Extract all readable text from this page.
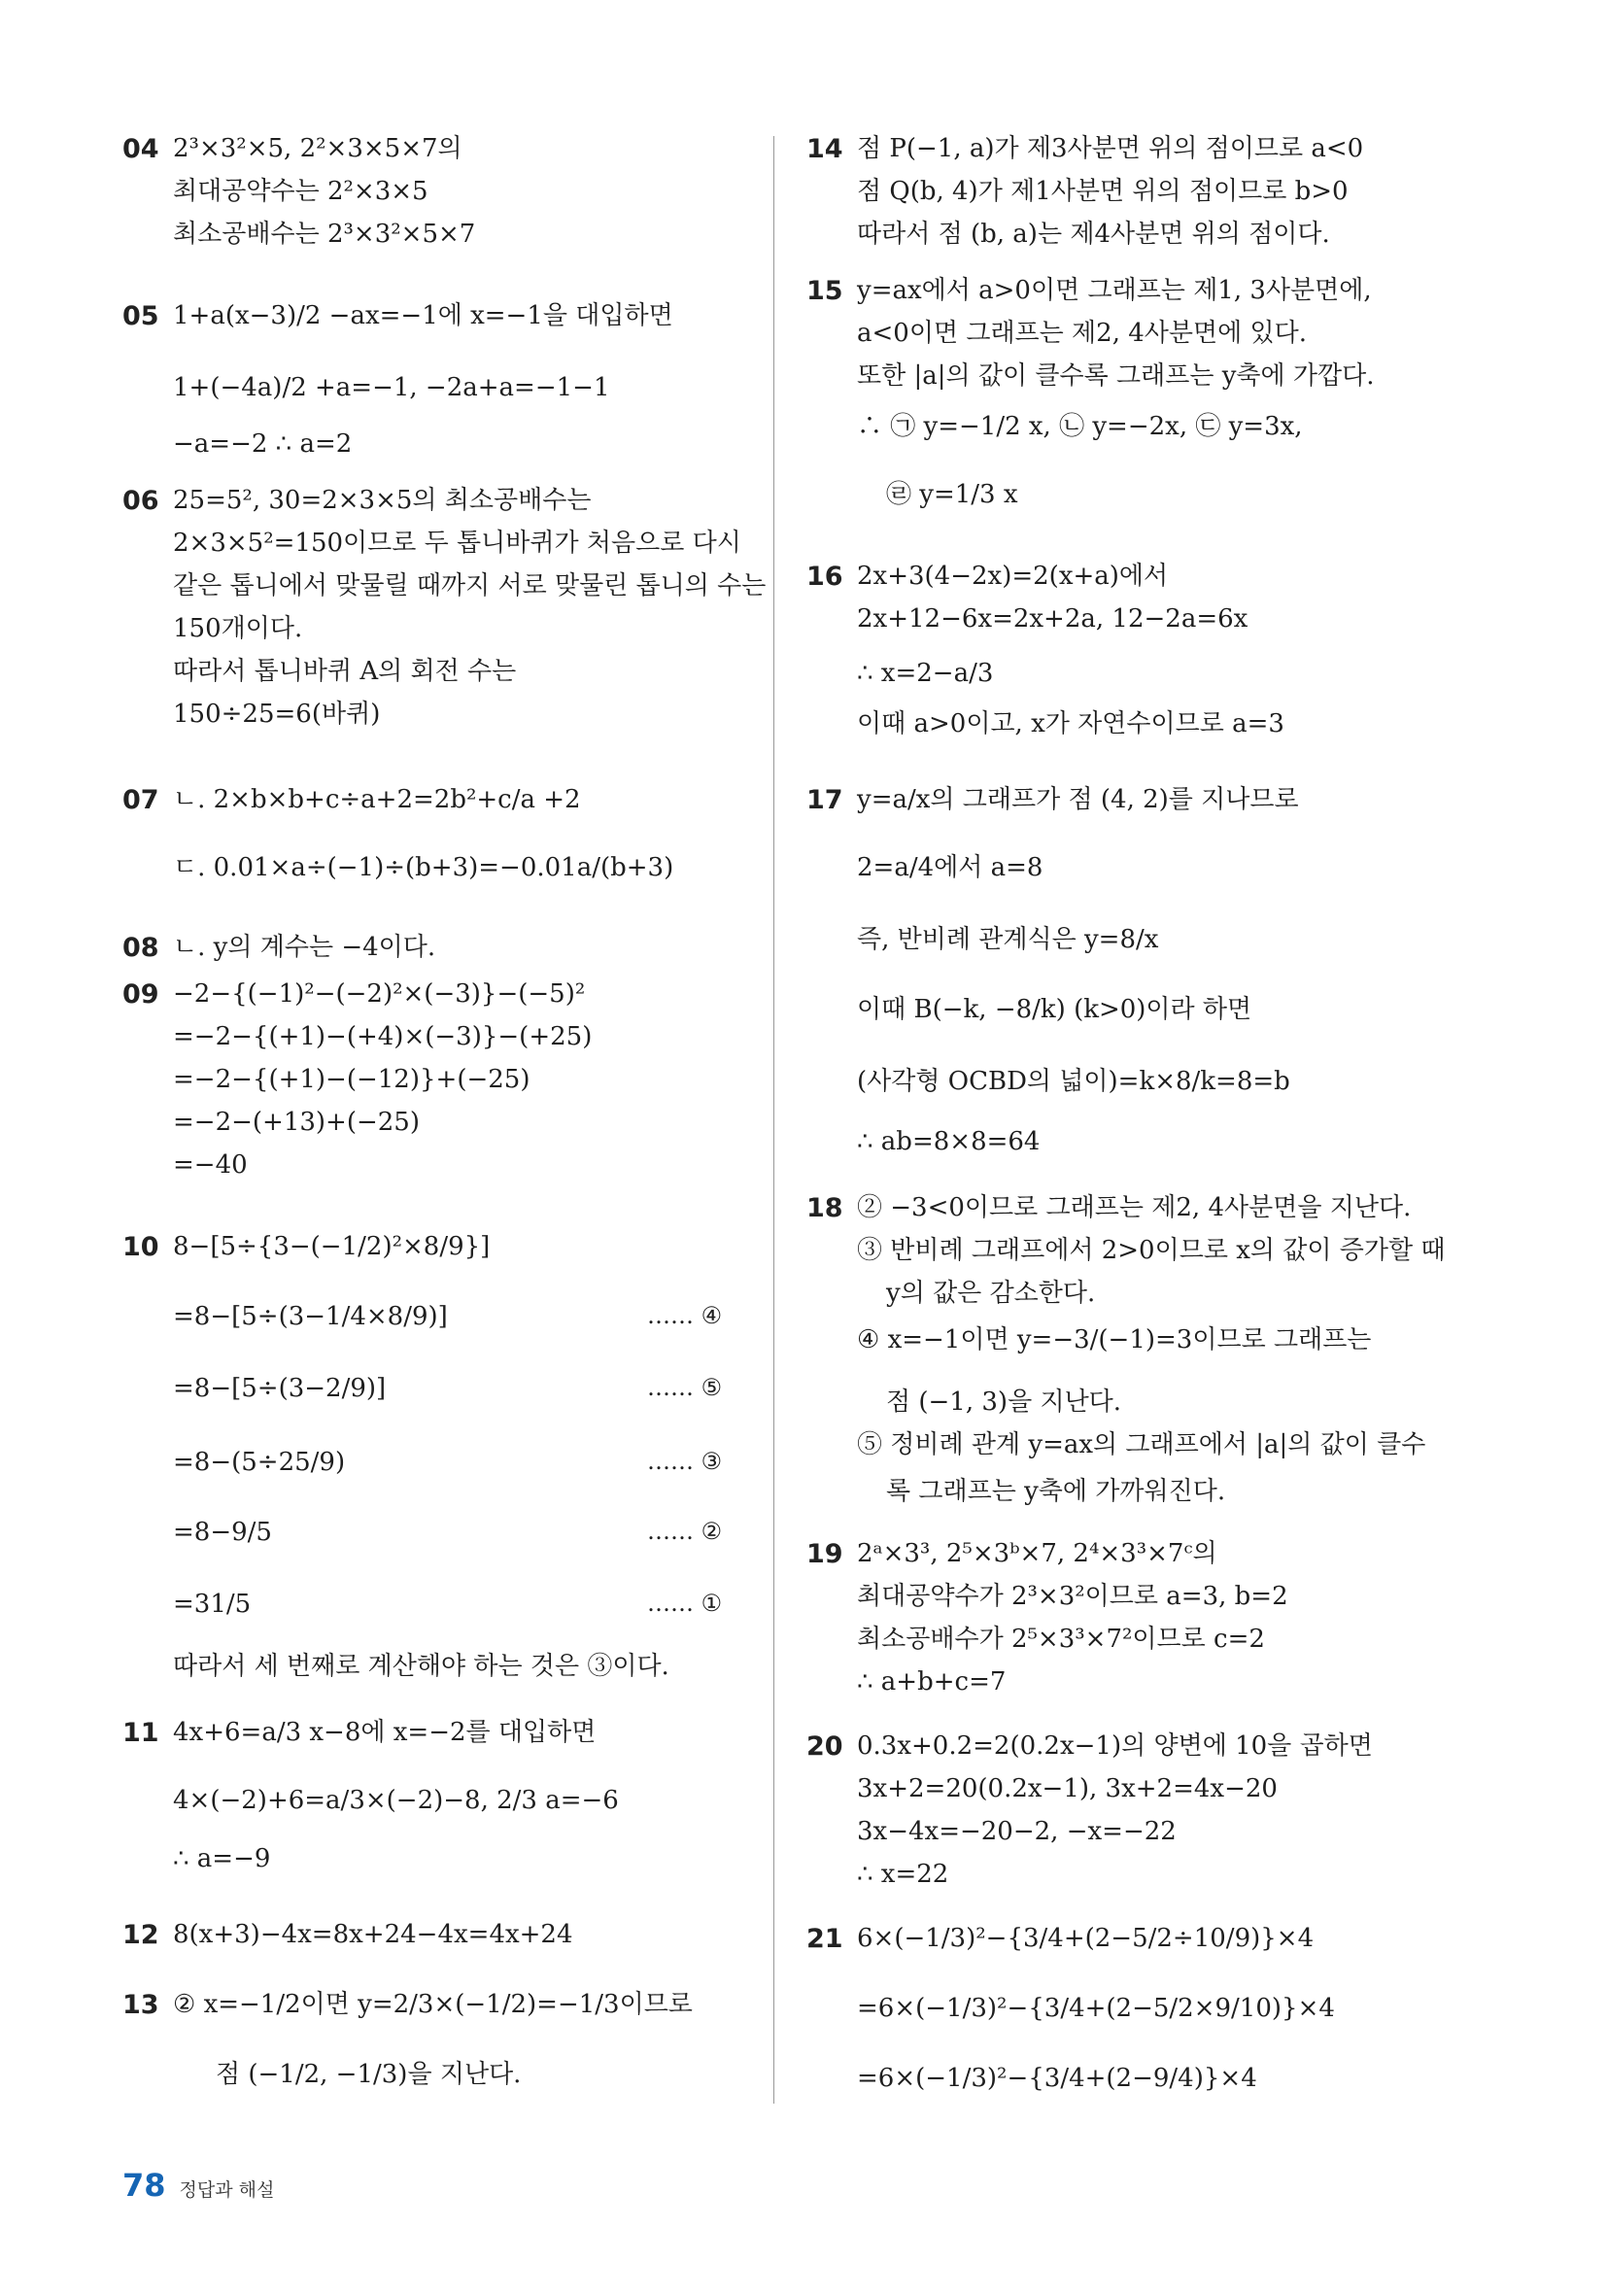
04 2³×3²×5, 2²×3×5×7의
최대공약수는 2²×3×5
최소공배수는 2³×3²×5×7
05 1+a(x−3)/2 −ax=−1에 x=−1을 대입하면
1+(−4a)/2 +a=−1, −2a+a=−1−1
−a=−2 ∴ a=2
06 25=5², 30=2×3×5의 최소공배수는
2×3×5²=150이므로 두 톱니바퀴가 처음으로 다시
같은 톱니에서 맞물릴 때까지 서로 맞물린 톱니의 수는
150개이다.
따라서 톱니바퀴 A의 회전 수는
150÷25=6(바퀴)
07 ㄴ. 2×b×b+c÷a+2=2b²+c/a +2
ㄷ. 0.01×a÷(−1)÷(b+3)=−0.01a/(b+3)
08 ㄴ. y의 계수는 −4이다.
09 −2−{(−1)²−(−2)²×(−3)}−(−5)²
=−2−{(+1)−(+4)×(−3)}−(+25)
=−2−{(+1)−(−12)}+(−25)
=−2−(+13)+(−25)
=−40
10 8−[5÷{3−(−1/2)²×8/9}]
=8−[5÷(3−1/4×8/9)]
=8−[5÷(3−2/9)]
=8−(5÷25/9)
=8−9/5
=31/5
따라서 세 번째로 계산해야 하는 것은 ③이다.
…… ④
…… ⑤
…… ③
…… ②
…… ①
11 4x+6=a/3 x−8에 x=−2를 대입하면
4×(−2)+6=a/3×(−2)−8, 2/3 a=−6
∴ a=−9
12 8(x+3)−4x=8x+24−4x=4x+24
13 ② x=−1/2이면 y=2/3×(−1/2)=−1/3이므로
점 (−1/2, −1/3)을 지난다.
14 점 P(−1, a)가 제3사분면 위의 점이므로 a<0
점 Q(b, 4)가 제1사분면 위의 점이므로 b>0
따라서 점 (b, a)는 제4사분면 위의 점이다.
15 y=ax에서 a>0이면 그래프는 제1, 3사분면에,
a<0이면 그래프는 제2, 4사분면에 있다.
또한 |a|의 값이 클수록 그래프는 y축에 가깝다.
∴ ㉠ y=−1/2 x, ㉡ y=−2x, ㉢ y=3x,
㉣ y=1/3 x
16 2x+3(4−2x)=2(x+a)에서
2x+12−6x=2x+2a, 12−2a=6x
∴ x=2−a/3
이때 a>0이고, x가 자연수이므로 a=3
17 y=a/x의 그래프가 점 (4, 2)를 지나므로
2=a/4에서 a=8
즉, 반비례 관계식은 y=8/x
이때 B(−k, −8/k) (k>0)이라 하면
(사각형 OCBD의 넓이)=k×8/k=8=b
∴ ab=8×8=64
18 ② −3<0이므로 그래프는 제2, 4사분면을 지난다.
③ 반비례 그래프에서 2>0이므로 x의 값이 증가할 때
y의 값은 감소한다.
④ x=−1이면 y=−3/(−1)=3이므로 그래프는
점 (−1, 3)을 지난다.
⑤ 정비례 관계 y=ax의 그래프에서 |a|의 값이 클수
록 그래프는 y축에 가까워진다.
19 2ᵃ×3³, 2⁵×3ᵇ×7, 2⁴×3³×7ᶜ의
최대공약수가 2³×3²이므로 a=3, b=2
최소공배수가 2⁵×3³×7²이므로 c=2
∴ a+b+c=7
20 0.3x+0.2=2(0.2x−1)의 양변에 10을 곱하면
3x+2=20(0.2x−1), 3x+2=4x−20
3x−4x=−20−2, −x=−22
∴ x=22
21 6×(−1/3)²−{3/4+(2−5/2÷10/9)}×4
=6×(−1/3)²−{3/4+(2−5/2×9/10)}×4
=6×(−1/3)²−{3/4+(2−9/4)}×4
78 정답과 해설
